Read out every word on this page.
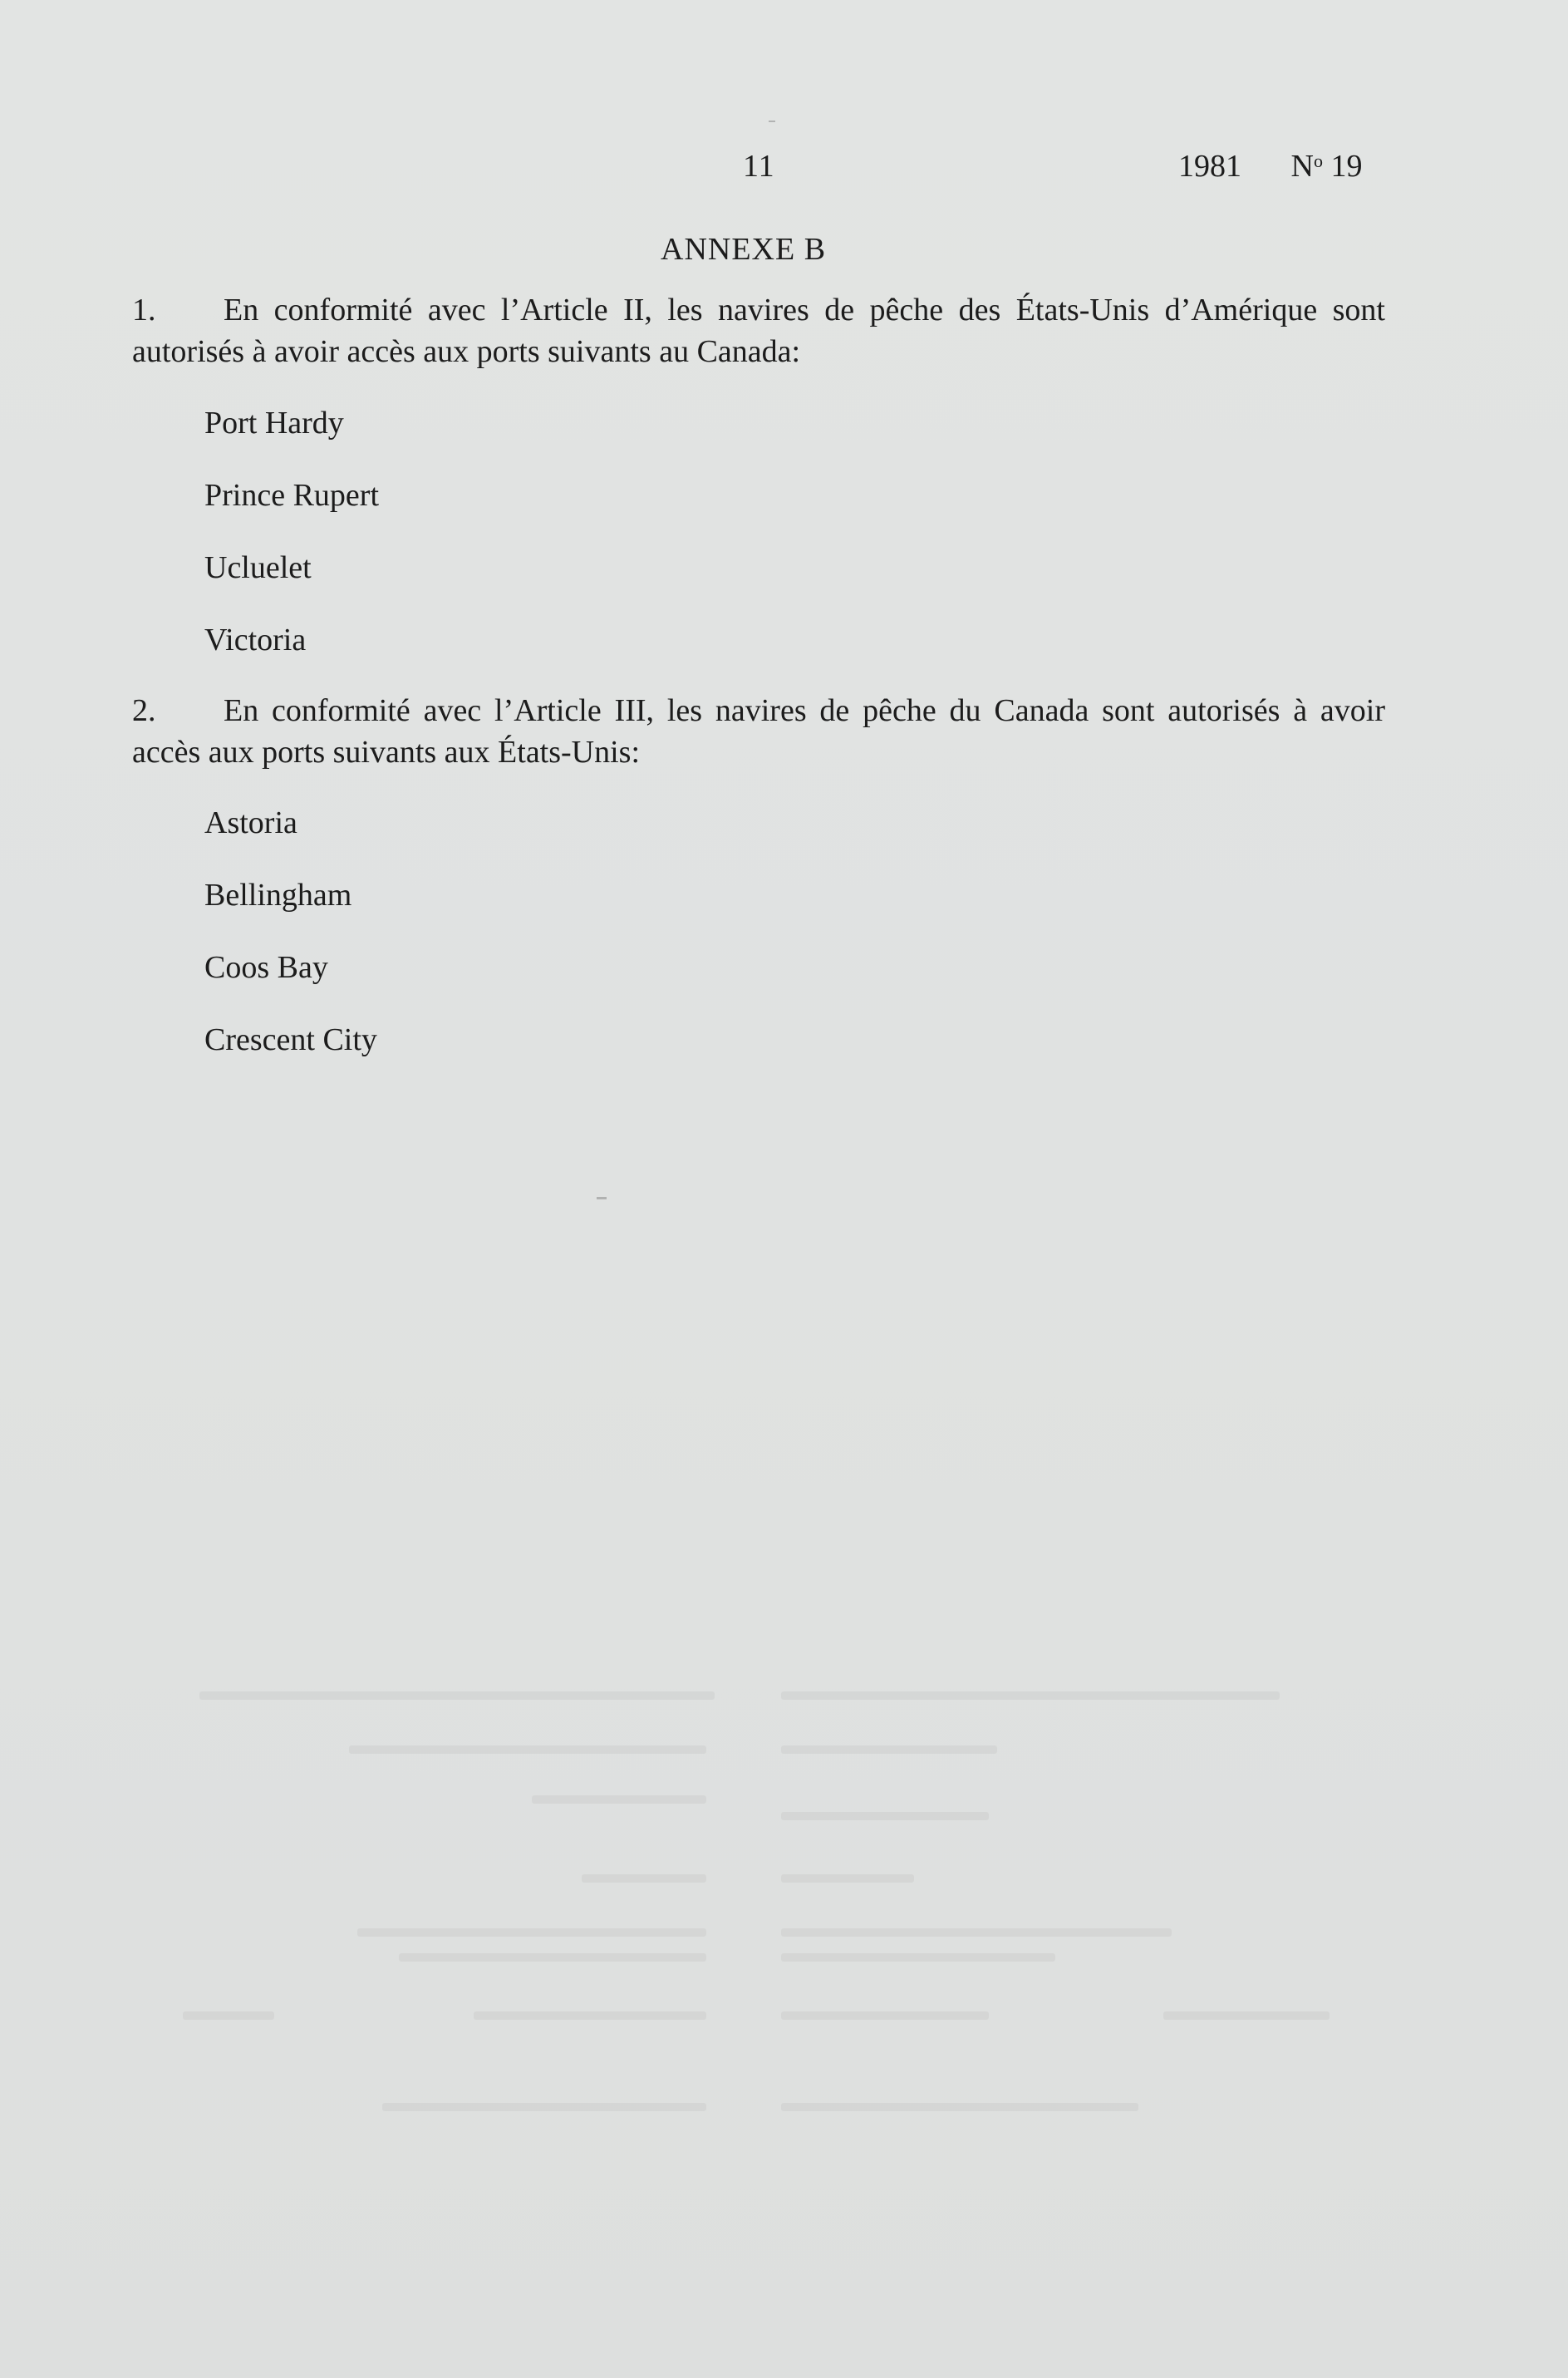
11	1981 $N^o$ 19
ANNEXE B
1. En conformité avec l’Article II, les navires de pêche des États-Unis d’Amérique sont autorisés à avoir accès aux ports suivants au Canada:
Port Hardy
Prince Rupert
Ucluelet
Victoria
2. En conformité avec l’Article III, les navires de pêche du Canada sont autorisés à avoir accès aux ports suivants aux États-Unis:
Astoria
Bellingham
Coos Bay
Crescent City
